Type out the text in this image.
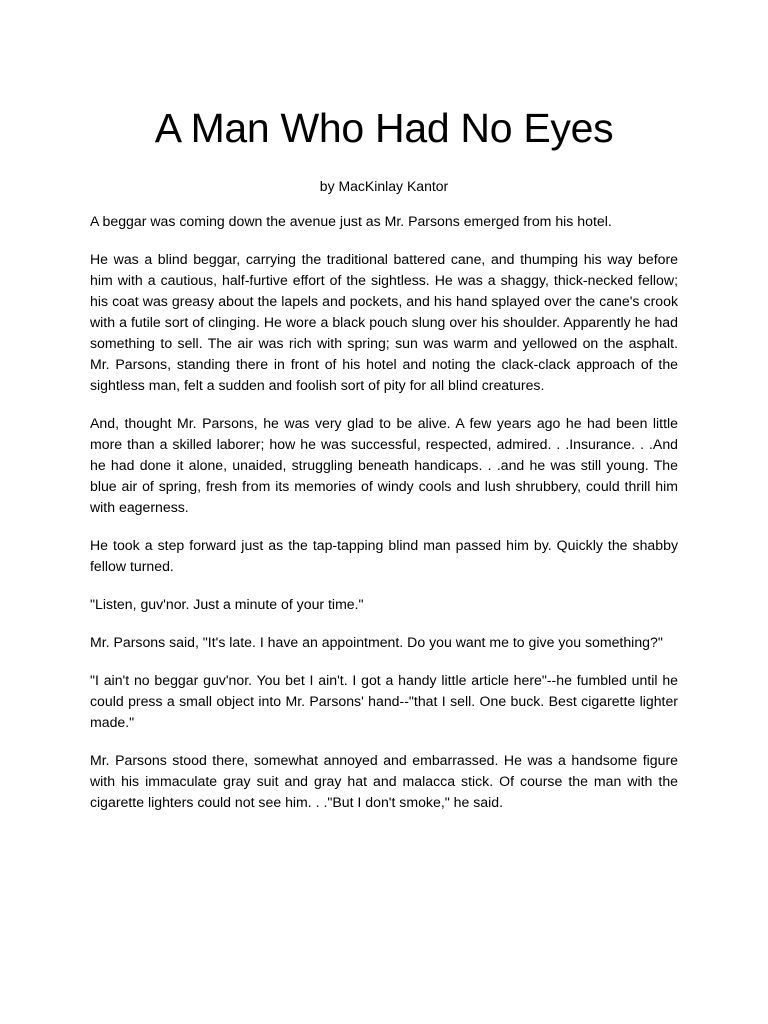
A Man Who Had No Eyes
by MacKinlay Kantor

A beggar was coming down the avenue just as Mr. Parsons emerged from his hotel.

He was a blind beggar, carrying the traditional battered cane, and thumping his way before him with a cautious, half-furtive effort of the sightless. He was a shaggy, thick-necked fellow; his coat was greasy about the lapels and pockets, and his hand splayed over the cane's crook with a futile sort of clinging. He wore a black pouch slung over his shoulder. Apparently he had something to sell. The air was rich with spring; sun was warm and yellowed on the asphalt. Mr. Parsons, standing there in front of his hotel and noting the clack-clack approach of the sightless man, felt a sudden and foolish sort of pity for all blind creatures.

And, thought Mr. Parsons, he was very glad to be alive. A few years ago he had been little more than a skilled laborer; how he was successful, respected, admired. . .Insurance. . .And he had done it alone, unaided, struggling beneath handicaps. . .and he was still young. The blue air of spring, fresh from its memories of windy cools and lush shrubbery, could thrill him with eagerness.

He took a step forward just as the tap-tapping blind man passed him by. Quickly the shabby fellow turned.

"Listen, guv'nor. Just a minute of your time."

Mr. Parsons said, "It's late. I have an appointment. Do you want me to give you something?"

"I ain't no beggar guv'nor. You bet I ain't. I got a handy little article here"--he fumbled until he could press a small object into Mr. Parsons' hand--"that I sell. One buck. Best cigarette lighter made."

Mr. Parsons stood there, somewhat annoyed and embarrassed. He was a handsome figure with his immaculate gray suit and gray hat and malacca stick. Of course the man with the cigarette lighters could not see him. . ."But I don't smoke," he said.
